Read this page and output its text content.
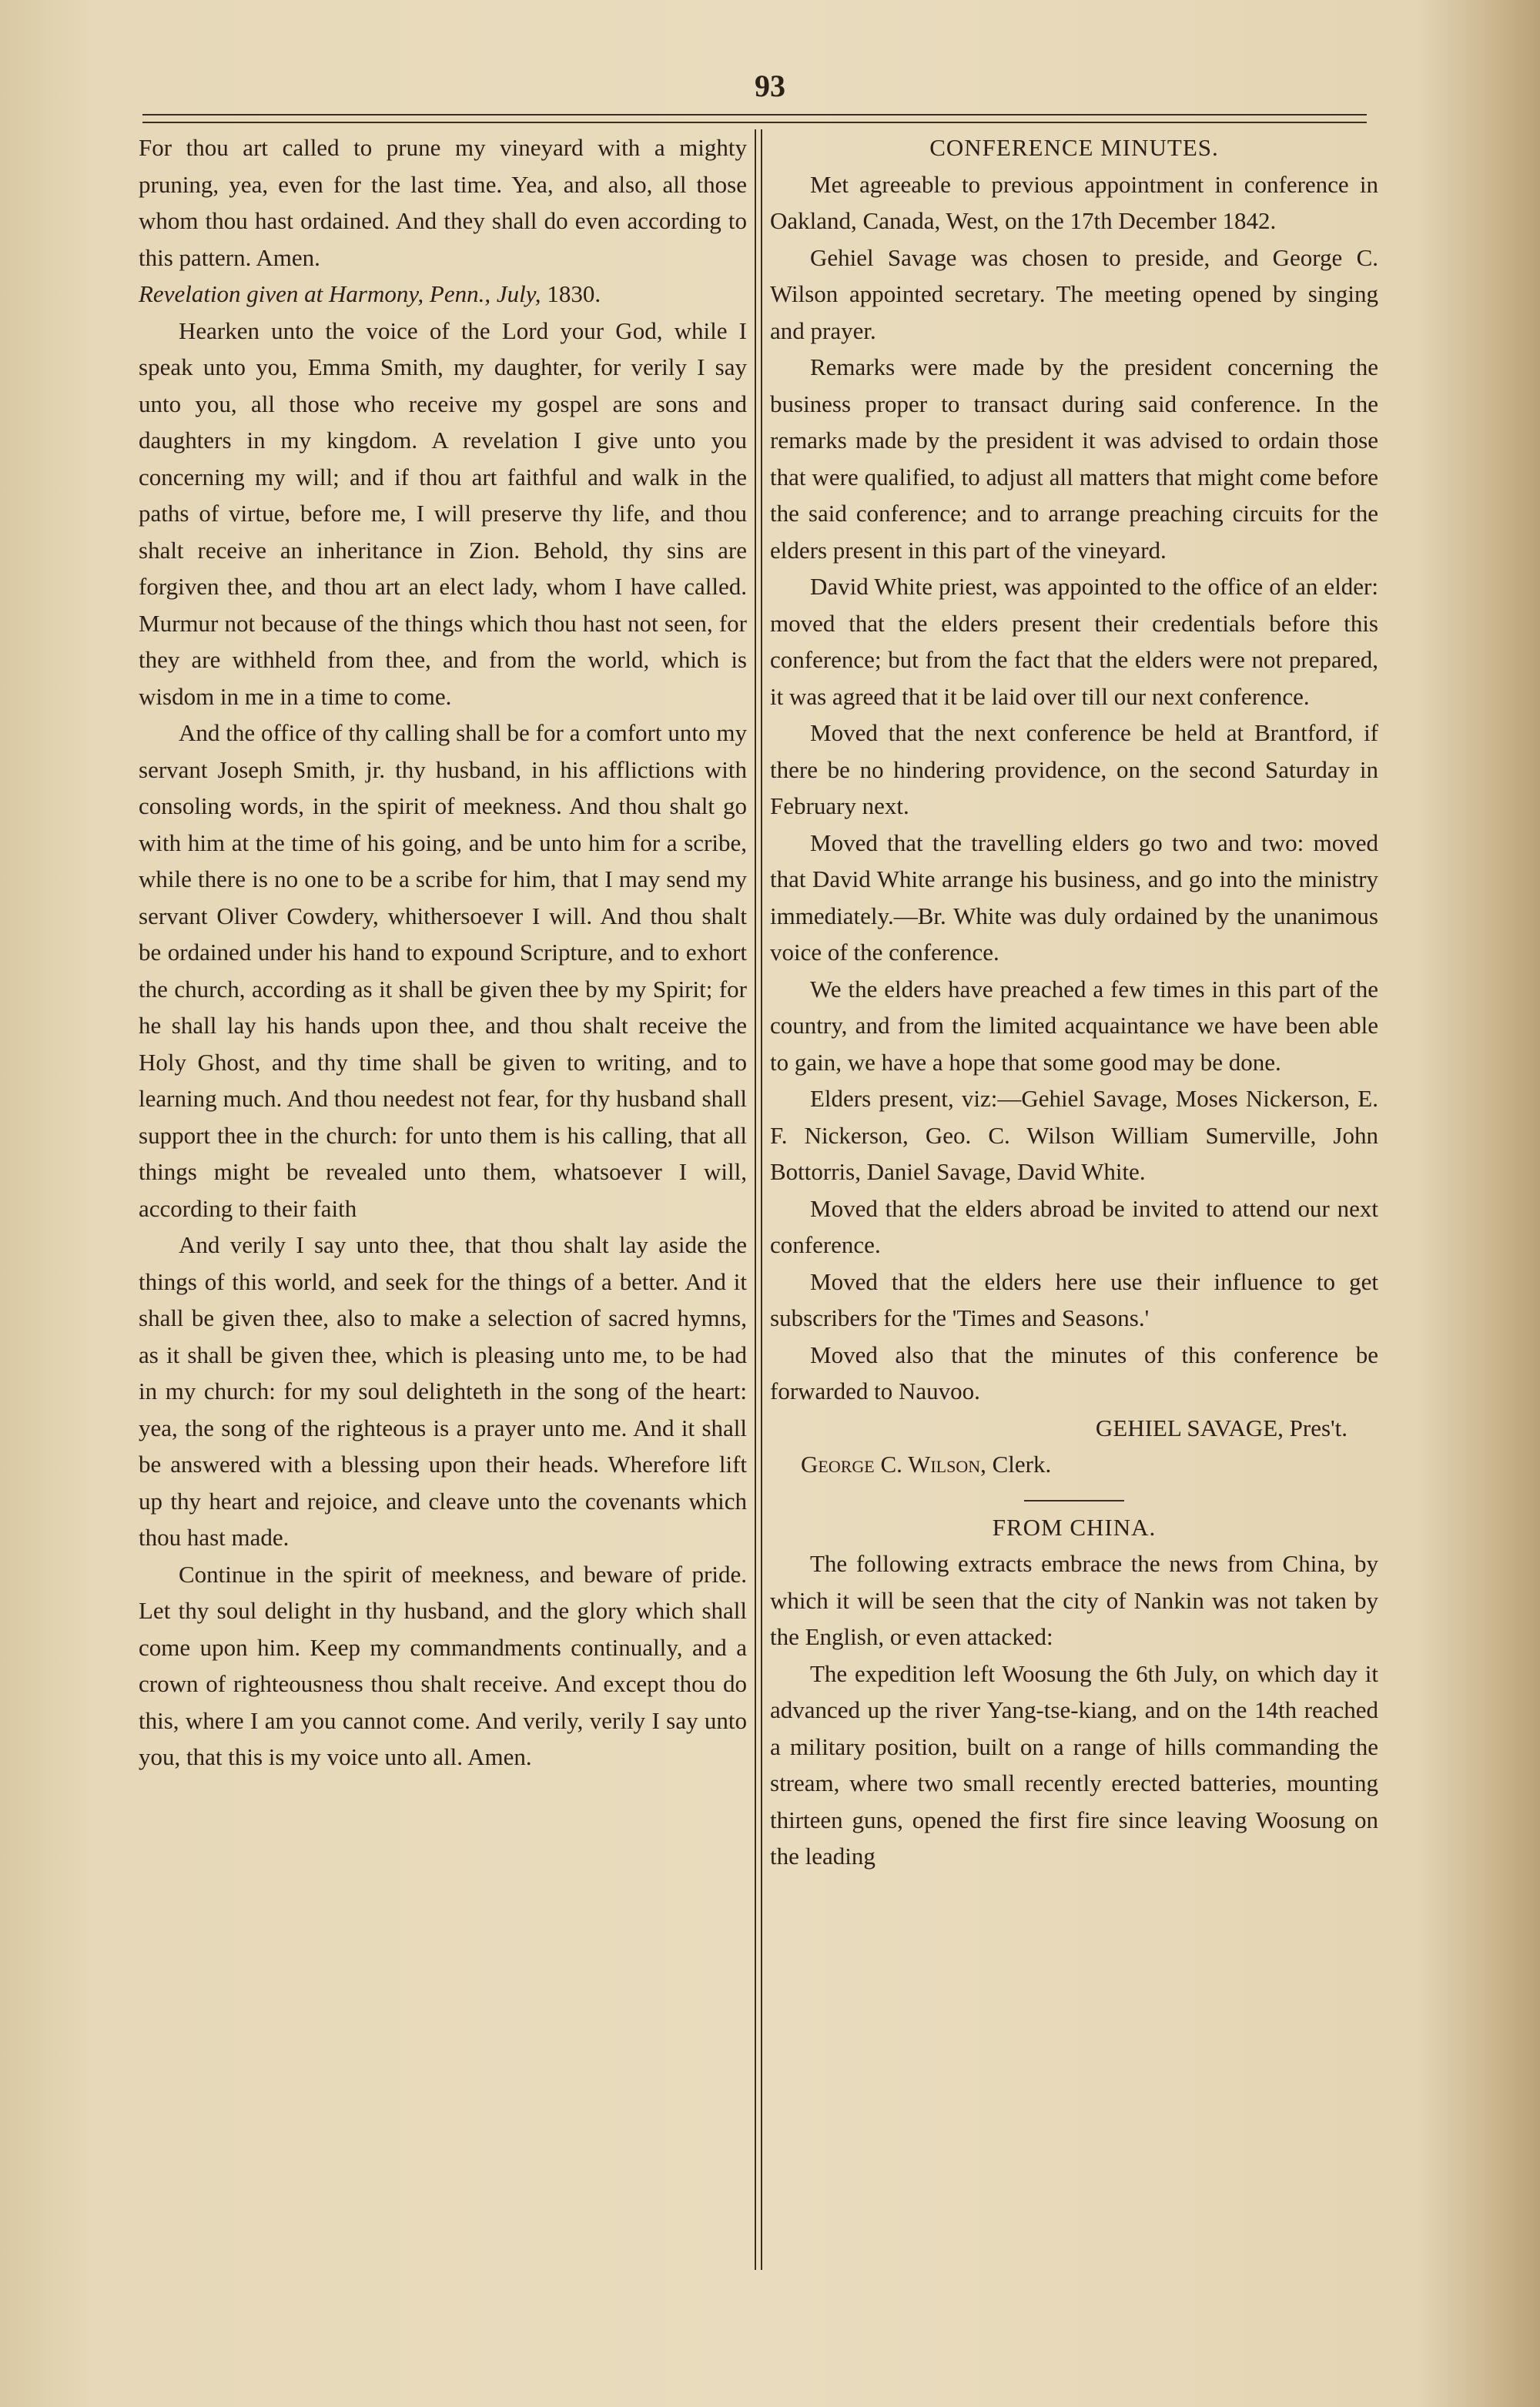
93

For thou art called to prune my vineyard with a mighty pruning, yea, even for the last time. Yea, and also, all those whom thou hast ordained. And they shall do even according to this pattern. Amen.

Revelation given at Harmony, Penn., July, 1830.

Hearken unto the voice of the Lord your God, while I speak unto you, Emma Smith, my daughter, for verily I say unto you, all those who receive my gospel are sons and daughters in my kingdom. A revelation I give unto you concerning my will; and if thou art faithful and walk in the paths of virtue, before me, I will preserve thy life, and thou shalt receive an inheritance in Zion. Behold, thy sins are forgiven thee, and thou art an elect lady, whom I have called. Murmur not because of the things which thou hast not seen, for they are withheld from thee, and from the world, which is wisdom in me in a time to come.

And the office of thy calling shall be for a comfort unto my servant Joseph Smith, jr. thy husband, in his afflictions with consoling words, in the spirit of meekness. And thou shalt go with him at the time of his going, and be unto him for a scribe, while there is no one to be a scribe for him, that I may send my servant Oliver Cowdery, whithersoever I will. And thou shalt be ordained under his hand to expound Scripture, and to exhort the church, according as it shall be given thee by my Spirit; for he shall lay his hands upon thee, and thou shalt receive the Holy Ghost, and thy time shall be given to writing, and to learning much. And thou needest not fear, for thy husband shall support thee in the church: for unto them is his calling, that all things might be revealed unto them, whatsoever I will, according to their faith

And verily I say unto thee, that thou shalt lay aside the things of this world, and seek for the things of a better. And it shall be given thee, also to make a selection of sacred hymns, as it shall be given thee, which is pleasing unto me, to be had in my church: for my soul delighteth in the song of the heart: yea, the song of the righteous is a prayer unto me. And it shall be answered with a blessing upon their heads. Wherefore lift up thy heart and rejoice, and cleave unto the covenants which thou hast made.

Continue in the spirit of meekness, and beware of pride. Let thy soul delight in thy husband, and the glory which shall come upon him. Keep my commandments continually, and a crown of righteousness thou shalt receive. And except thou do this, where I am you cannot come. And verily, verily I say unto you, that this is my voice unto all. Amen.

CONFERENCE MINUTES.

Met agreeable to previous appointment in conference in Oakland, Canada, West, on the 17th December 1842.

Gehiel Savage was chosen to preside, and George C. Wilson appointed secretary. The meeting opened by singing and prayer.

Remarks were made by the president concerning the business proper to transact during said conference. In the remarks made by the president it was advised to ordain those that were qualified, to adjust all matters that might come before the said conference; and to arrange preaching circuits for the elders present in this part of the vineyard.

David White priest, was appointed to the office of an elder: moved that the elders present their credentials before this conference; but from the fact that the elders were not prepared, it was agreed that it be laid over till our next conference.

Moved that the next conference be held at Brantford, if there be no hindering providence, on the second Saturday in February next.

Moved that the travelling elders go two and two: moved that David White arrange his business, and go into the ministry immediately.—Br. White was duly ordained by the unanimous voice of the conference.

We the elders have preached a few times in this part of the country, and from the limited acquaintance we have been able to gain, we have a hope that some good may be done.

Elders present, viz:—Gehiel Savage, Moses Nickerson, E. F. Nickerson, Geo. C. Wilson William Sumerville, John Bottorris, Daniel Savage, David White.

Moved that the elders abroad be invited to attend our next conference.

Moved that the elders here use their influence to get subscribers for the 'Times and Seasons.'

Moved also that the minutes of this conference be forwarded to Nauvoo.

GEHIEL SAVAGE, Pres't.

George C. Wilson, Clerk.

FROM CHINA.

The following extracts embrace the news from China, by which it will be seen that the city of Nankin was not taken by the English, or even attacked:

The expedition left Woosung the 6th July, on which day it advanced up the river Yang-tse-kiang, and on the 14th reached a military position, built on a range of hills commanding the stream, where two small recently erected batteries, mounting thirteen guns, opened the first fire since leaving Woosung on the leading
